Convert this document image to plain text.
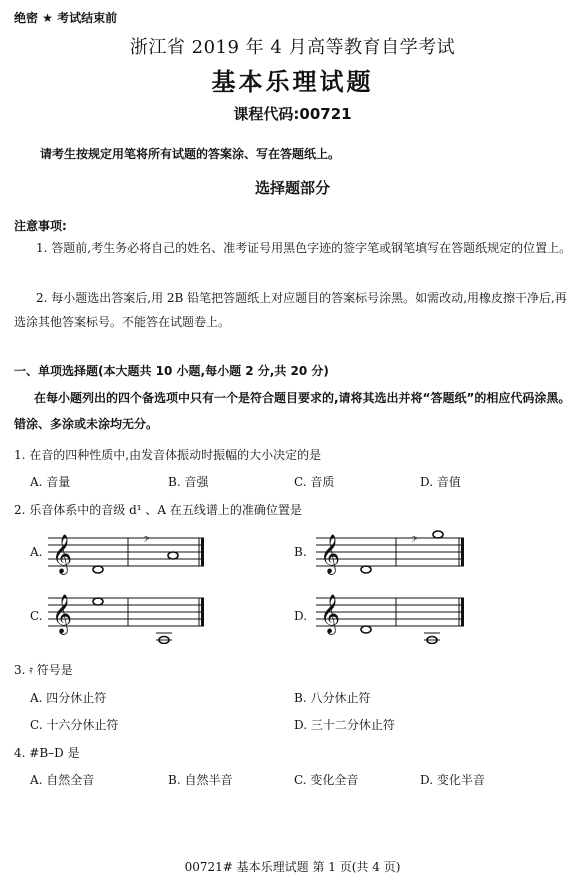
绝密 ★ 考试结束前
浙江省 2019 年 4 月高等教育自学考试
基本乐理试题
课程代码:00721
请考生按规定用笔将所有试题的答案涂、写在答题纸上。
选择题部分
注意事项:
1. 答题前,考生务必将自己的姓名、准考证号用黑色字迹的签字笔或钢笔填写在答题纸规定的位置上。
2. 每小题选出答案后,用 2B 铅笔把答题纸上对应题目的答案标号涂黑。如需改动,用橡皮擦干净后,再选涂其他答案标号。不能答在试题卷上。
一、单项选择题(本大题共 10 小题,每小题 2 分,共 20 分)
在每小题列出的四个备选项中只有一个是符合题目要求的,请将其选出并将“答题纸”的相应代码涂黑。错涂、多涂或未涂均无分。
1. 在音的四种性质中,由发音体振动时振幅的大小决定的是
A. 音量	B. 音强	C. 音质	D. 音值
2. 乐音体系中的音级 d¹ 、A 在五线谱上的准确位置是
A.	B.
C.	D.
𝄞	𝄢	𝄞	𝄢
𝄞	𝄞
3. 𝄿 符号是
A. 四分休止符	B. 八分休止符
C. 十六分休止符	D. 三十二分休止符
4. #B–D 是
A. 自然全音	B. 自然半音	C. 变化全音	D. 变化半音
00721# 基本乐理试题 第 1 页(共 4 页)
